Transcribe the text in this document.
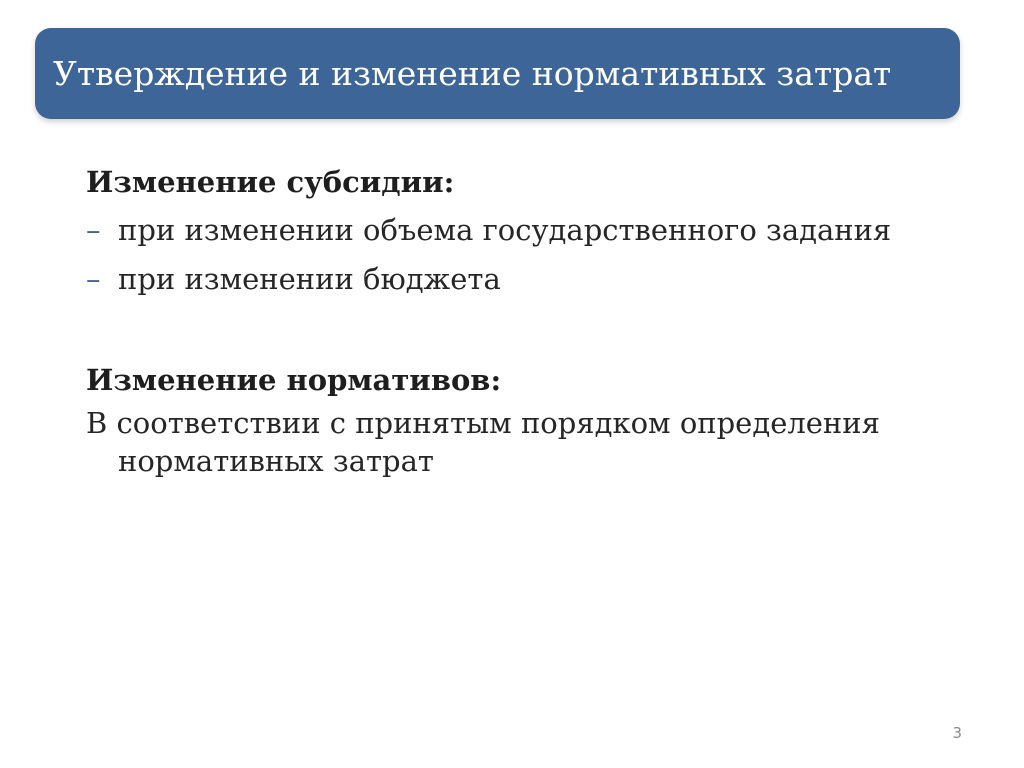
Утверждение и изменение нормативных затрат
Изменение субсидии:
– при изменении объема государственного задания
– при изменении бюджета
Изменение нормативов:
В соответствии с принятым порядком определения нормативных затрат
3
